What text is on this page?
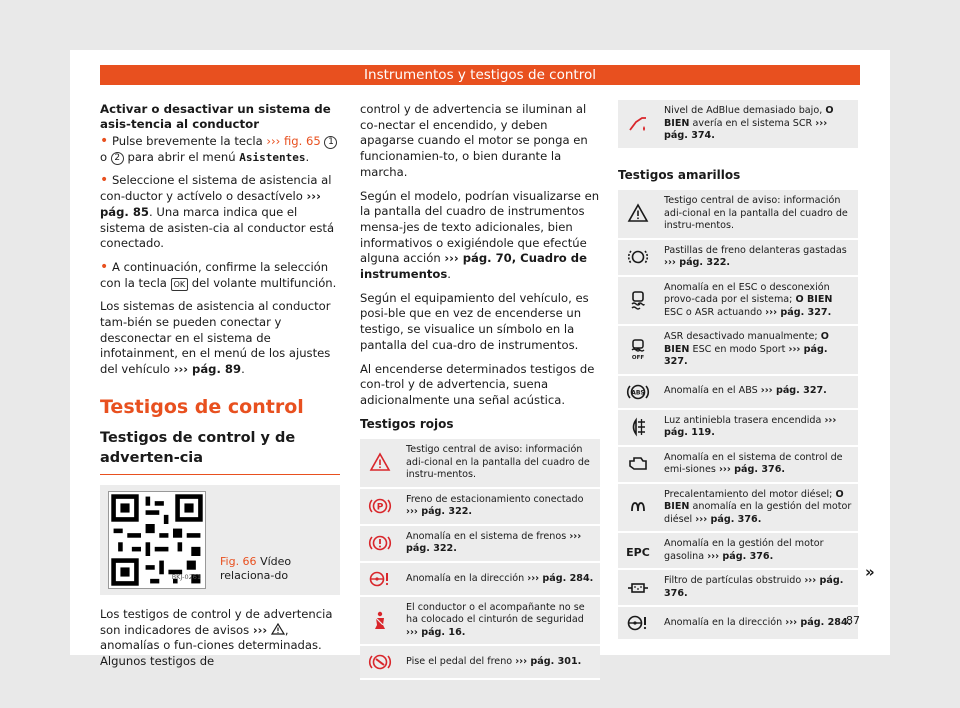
Instrumentos y testigos de control
Activar o desactivar un sistema de asis-tencia al conductor

• Pulse brevemente la tecla ››› fig. 65 1 o 2 para abrir el menú Asistentes.

• Seleccione el sistema de asistencia al con-ductor y actívelo o desactívelo ››› pág. 85. Una marca indica que el sistema de asisten-cia al conductor está conectado.

• A continuación, confirme la selección con la tecla OK del volante multifunción.

Los sistemas de asistencia al conductor tam-bién se pueden conectar y desconectar en el sistema de infotainment, en el menú de los ajustes del vehículo ››› pág. 89.

Testigos de control
Testigos de control y de adverten-cia
BKJ-0261
Fig. 66 Vídeo relaciona-do

Los testigos de control y de advertencia son indicadores de avisos ››› , anomalías o fun-ciones determinadas. Algunos testigos de

control y de advertencia se iluminan al co-nectar el encendido, y deben apagarse cuando el motor se ponga en funcionamien-to, o bien durante la marcha.

Según el modelo, podrían visualizarse en la pantalla del cuadro de instrumentos mensa-jes de texto adicionales, bien informativos o exigiéndole que efectúe alguna acción ››› pág. 70, Cuadro de instrumentos.

Según el equipamiento del vehículo, es posi-ble que en vez de encenderse un testigo, se visualice un símbolo en la pantalla del cua-dro de instrumentos.

Al encenderse determinados testigos de con-trol y de advertencia, suena adicionalmente una señal acústica.

Testigos rojos
	Testigo central de aviso: información adi-cional en la pantalla del cuadro de instru-mentos.

P	Freno de estacionamiento conectado ››› pág. 322.

	Anomalía en el sistema de frenos ››› pág. 322.

	Anomalía en la dirección ››› pág. 284.

	El conductor o el acompañante no se ha colocado el cinturón de seguridad ››› pág. 16.

	Pise el pedal del freno ››› pág. 301.
	Nivel de AdBlue demasiado bajo, O BIEN avería en el sistema SCR ››› pág. 374.
Testigos amarillos
	Testigo central de aviso: información adi-cional en la pantalla del cuadro de instru-mentos.

	Pastillas de freno delanteras gastadas ››› pág. 322.

	Anomalía en el ESC o desconexión provo-cada por el sistema; O BIEN ESC o ASR actuando ››› pág. 327.

OFF	ASR desactivado manualmente; O BIEN ESC en modo Sport ››› pág. 327.

ABS	Anomalía en el ABS ››› pág. 327.

	Luz antiniebla trasera encendida ››› pág. 119.

	Anomalía en el sistema de control de emi-siones ››› pág. 376.

	Precalentamiento del motor diésel; O BIEN anomalía en la gestión del motor diésel ››› pág. 376.

EPC	Anomalía en la gestión del motor gasolina ››› pág. 376.

	Filtro de partículas obstruido ››› pág. 376.

	Anomalía en la dirección ››› pág. 284.
»
87
